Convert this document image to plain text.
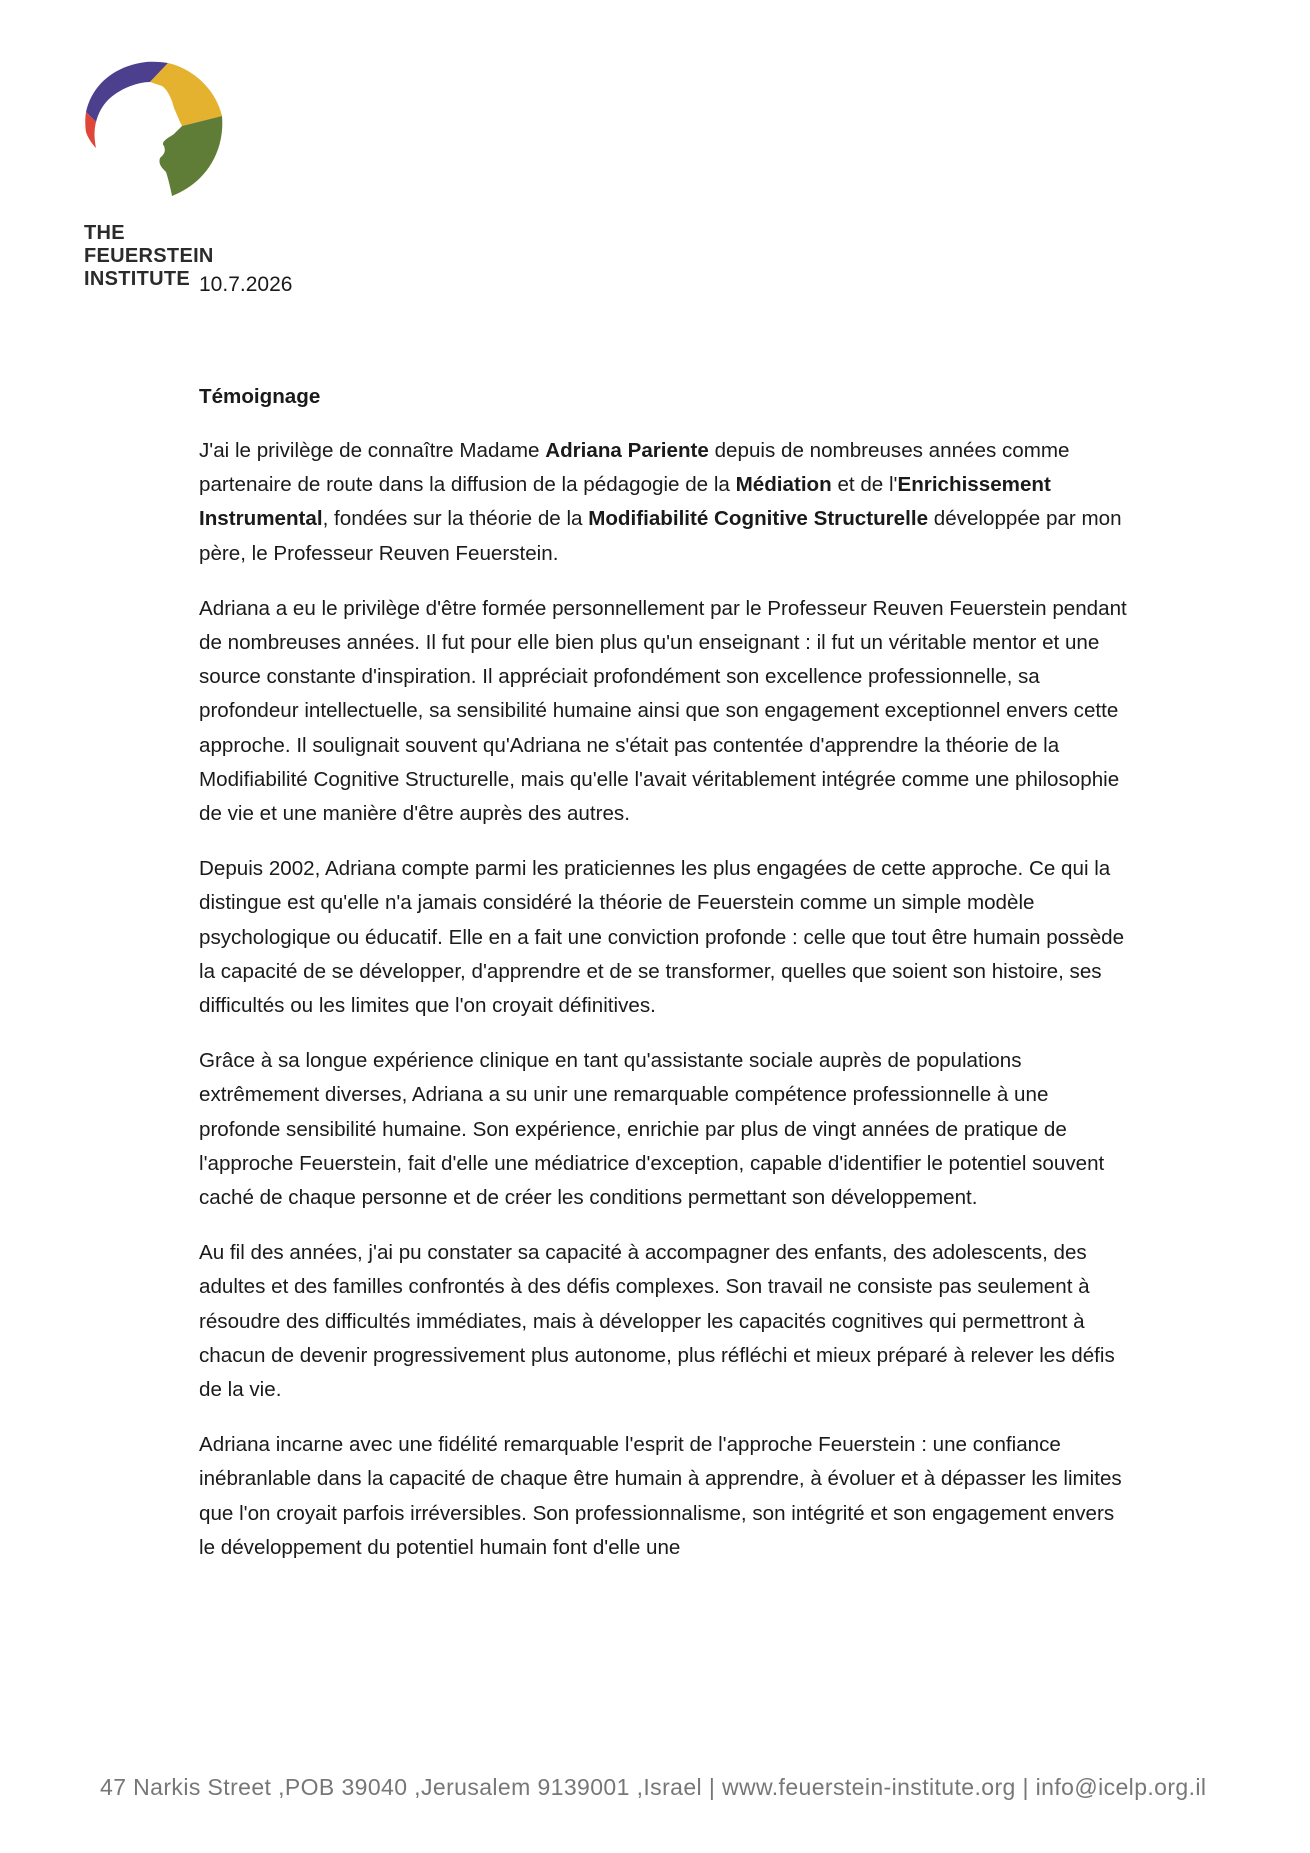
THE
FEUERSTEIN
INSTITUTE 10.7.2026
Témoignage

J'ai le privilège de connaître Madame Adriana Pariente depuis de nombreuses années comme partenaire de route dans la diffusion de la pédagogie de la Médiation et de l'Enrichissement Instrumental, fondées sur la théorie de la Modifiabilité Cognitive Structurelle développée par mon père, le Professeur Reuven Feuerstein.

Adriana a eu le privilège d'être formée personnellement par le Professeur Reuven Feuerstein pendant de nombreuses années. Il fut pour elle bien plus qu'un enseignant : il fut un véritable mentor et une source constante d'inspiration. Il appréciait profondément son excellence professionnelle, sa profondeur intellectuelle, sa sensibilité humaine ainsi que son engagement exceptionnel envers cette approche. Il soulignait souvent qu'Adriana ne s'était pas contentée d'apprendre la théorie de la Modifiabilité Cognitive Structurelle, mais qu'elle l'avait véritablement intégrée comme une philosophie de vie et une manière d'être auprès des autres.

Depuis 2002, Adriana compte parmi les praticiennes les plus engagées de cette approche. Ce qui la distingue est qu'elle n'a jamais considéré la théorie de Feuerstein comme un simple modèle psychologique ou éducatif. Elle en a fait une conviction profonde : celle que tout être humain possède la capacité de se développer, d'apprendre et de se transformer, quelles que soient son histoire, ses difficultés ou les limites que l'on croyait définitives.

Grâce à sa longue expérience clinique en tant qu'assistante sociale auprès de populations extrêmement diverses, Adriana a su unir une remarquable compétence professionnelle à une profonde sensibilité humaine. Son expérience, enrichie par plus de vingt années de pratique de l'approche Feuerstein, fait d'elle une médiatrice d'exception, capable d'identifier le potentiel souvent caché de chaque personne et de créer les conditions permettant son développement.

Au fil des années, j'ai pu constater sa capacité à accompagner des enfants, des adolescents, des adultes et des familles confrontés à des défis complexes. Son travail ne consiste pas seulement à résoudre des difficultés immédiates, mais à développer les capacités cognitives qui permettront à chacun de devenir progressivement plus autonome, plus réfléchi et mieux préparé à relever les défis de la vie.

Adriana incarne avec une fidélité remarquable l'esprit de l'approche Feuerstein : une confiance inébranlable dans la capacité de chaque être humain à apprendre, à évoluer et à dépasser les limites que l'on croyait parfois irréversibles. Son professionnalisme, son intégrité et son engagement envers le développement du potentiel humain font d'elle une

47 Narkis Street ,POB 39040 ,Jerusalem 9139001 ,Israel | www.feuerstein-institute.org | info@icelp.org.il
